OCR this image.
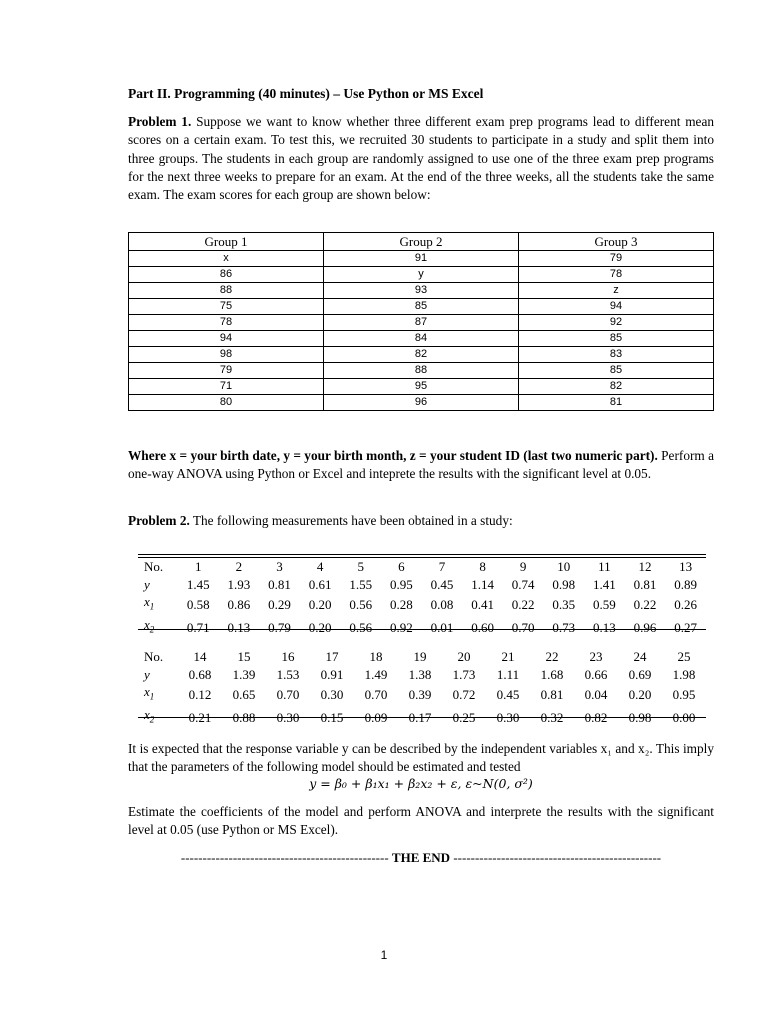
Part II. Programming (40 minutes) – Use Python or MS Excel
Problem 1. Suppose we want to know whether three different exam prep programs lead to different mean scores on a certain exam. To test this, we recruited 30 students to participate in a study and split them into three groups. The students in each group are randomly assigned to use one of the three exam prep programs for the next three weeks to prepare for an exam. At the end of the three weeks, all the students take the same exam. The exam scores for each group are shown below:
Group 1	Group 2	Group 3
x	91	79
86	y	78
88	93	z
75	85	94
78	87	92
94	84	85
98	82	83
79	88	85
71	95	82
80	96	81
Where x = your birth date, y = your birth month, z = your student ID (last two numeric part). Perform a one-way ANOVA using Python or Excel and inteprete the results with the significant level at 0.05.
Problem 2. The following measurements have been obtained in a study:
No.	1	2	3	4	5	6	7	8	9	10	11	12	13
y	1.45	1.93	0.81	0.61	1.55	0.95	0.45	1.14	0.74	0.98	1.41	0.81	0.89
$x_1$	0.58	0.86	0.29	0.20	0.56	0.28	0.08	0.41	0.22	0.35	0.59	0.22	0.26
$x_2$	0.71	0.13	0.79	0.20	0.56	0.92	0.01	0.60	0.70	0.73	0.13	0.96	0.27
No.	14	15	16	17	18	19	20	21	22	23	24	25	
y	0.68	1.39	1.53	0.91	1.49	1.38	1.73	1.11	1.68	0.66	0.69	1.98	
$x_1$	0.12	0.65	0.70	0.30	0.70	0.39	0.72	0.45	0.81	0.04	0.20	0.95	
$x_2$	0.21	0.88	0.30	0.15	0.09	0.17	0.25	0.30	0.32	0.82	0.98	0.00	
It is expected that the response variable y can be described by the independent variables x₁ and x₂. This imply that the parameters of the following model should be estimated and tested
y = β₀ + β₁x₁ + β₂x₂ + ε, ε~N(0, σ²)
Estimate the coefficients of the model and perform ANOVA and interprete the results with the significant level at 0.05 (use Python or MS Excel).
------------------------------------------------ THE END ------------------------------------------------
1
